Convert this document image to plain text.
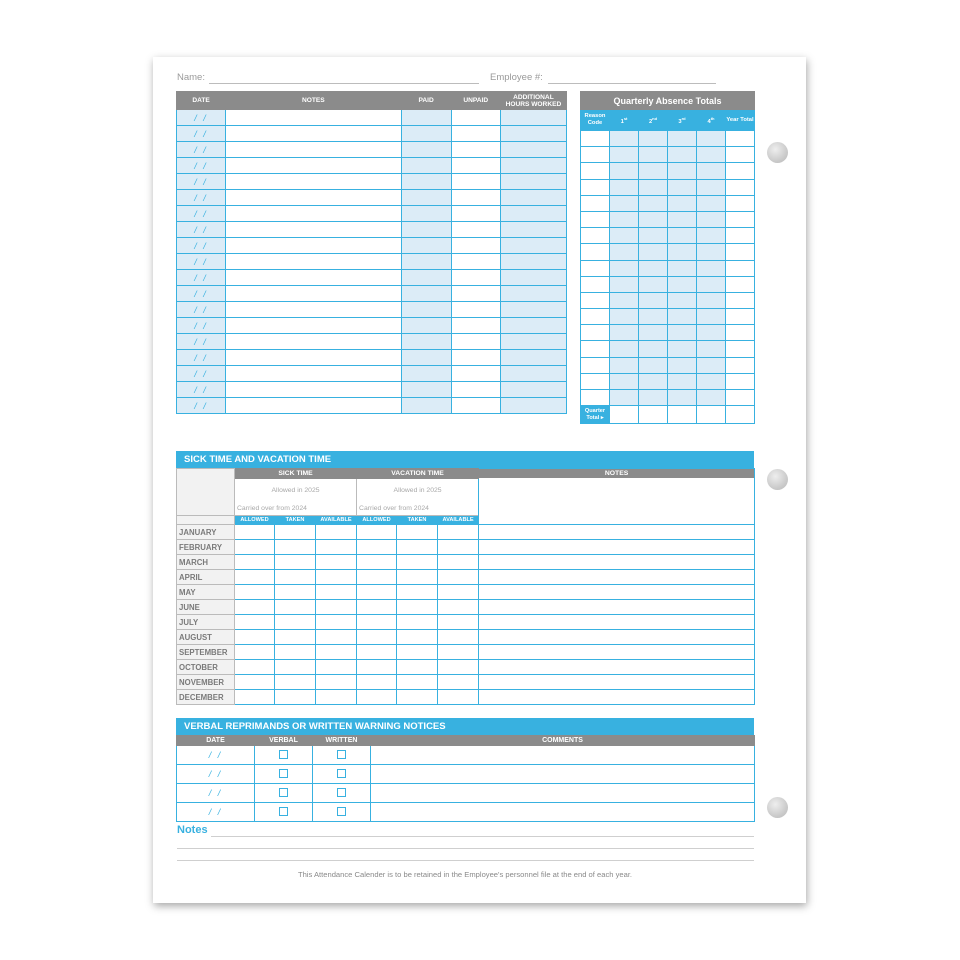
Name:	Employee #:
DATE	NOTES	PAID	UNPAID	ADDITIONAL HOURS WORKED
/ /				
/ /				
/ /				
/ /				
/ /				
/ /				
/ /				
/ /				
/ /				
/ /				
/ /				
/ /				
/ /				
/ /				
/ /				
/ /				
/ /				
/ /				
/ /				
Quarterly Absence Totals					
Reason Code	1st	2nd	3rd	4th	Year Total

Quarter Total ▸					
SICK TIME AND VACATION TIME
	SICK TIME			VACATION TIME			NOTES

	Allowed in 2025			Allowed in 2025			
	Carried over from 2024			Carried over from 2024			
	ALLOWED	TAKEN	AVAILABLE	ALLOWED	TAKEN	AVAILABLE	
JANUARY							
FEBRUARY							
MARCH							
APRIL							
MAY							
JUNE							
JULY							
AUGUST							
SEPTEMBER							
OCTOBER							
NOVEMBER							
DECEMBER							
VERBAL REPRIMANDS OR WRITTEN WARNING NOTICES
DATE	VERBAL	WRITTEN	COMMENTS
/ /			
/ /			
/ /			
/ /			
Notes
This Attendance Calender is to be retained in the Employee's personnel file at the end of each year.
